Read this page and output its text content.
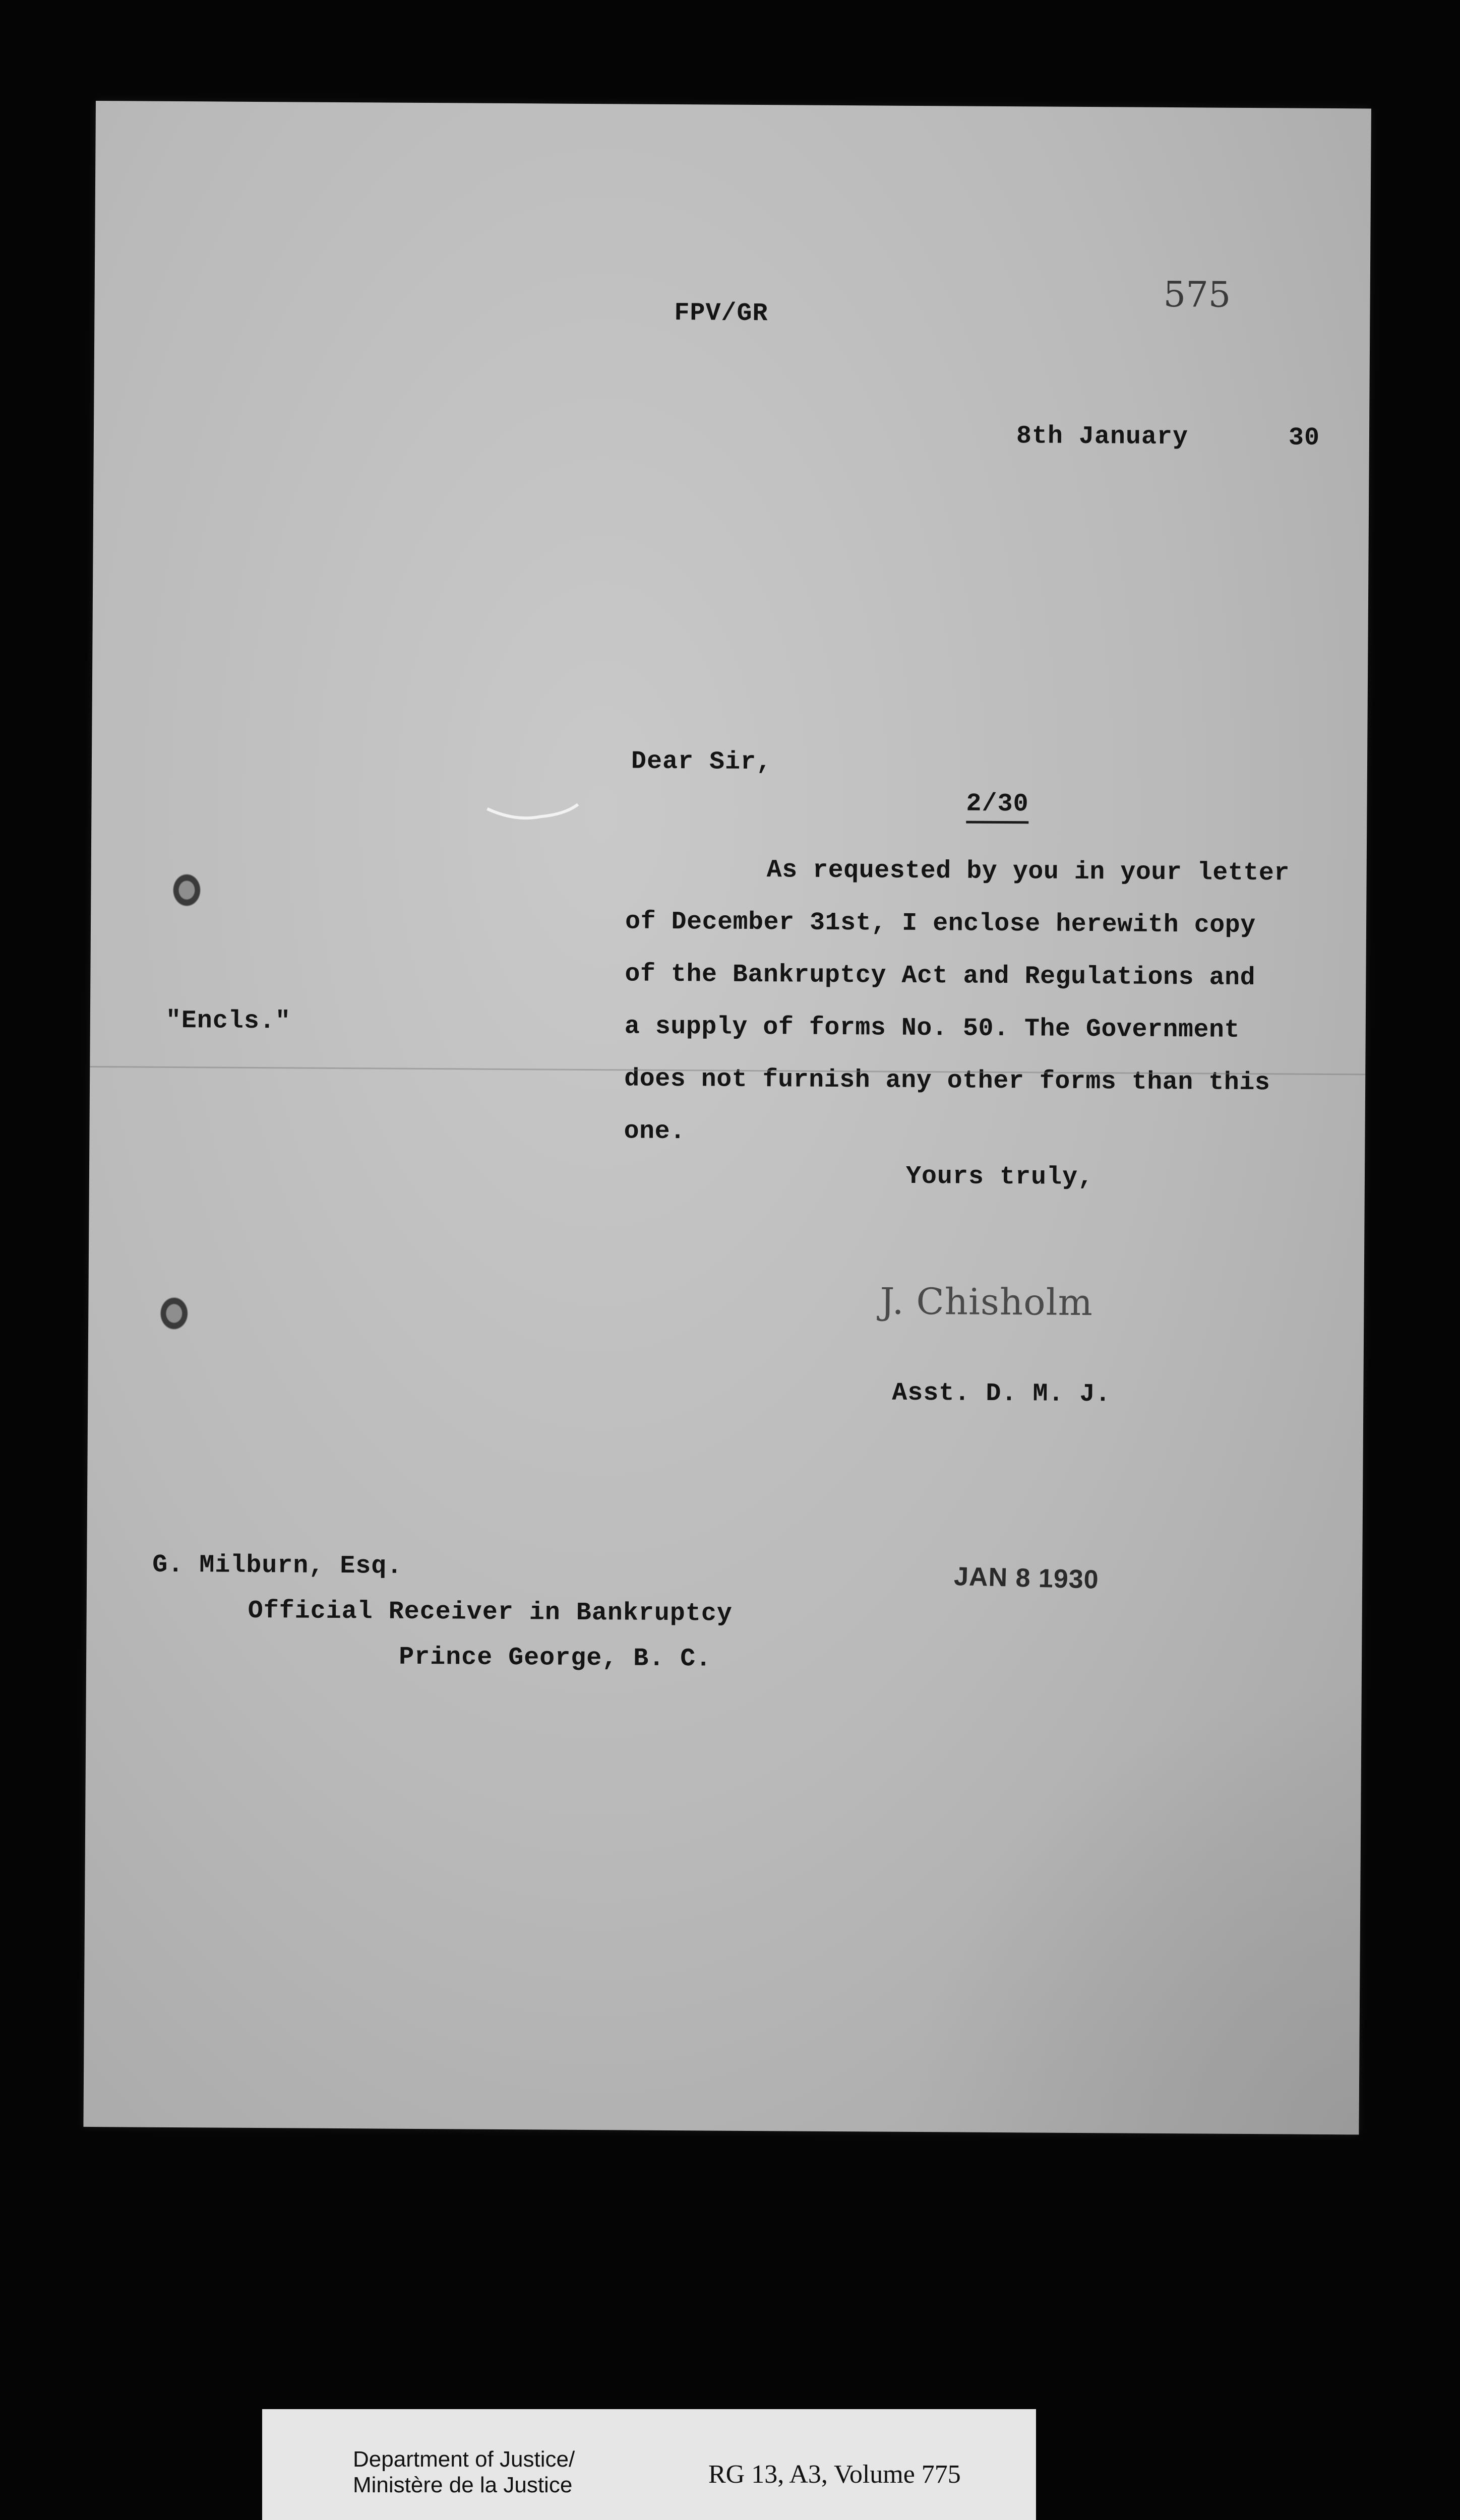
FPV/GR	575
8th January	30
Dear Sir,
2/30
As requested by you in your letter
of December 31st, I enclose herewith copy
of the Bankruptcy Act and Regulations and
a supply of forms No. 50. The Government
does not furnish any other forms than this
one.
"Encls."
Yours truly,
J. Chisholm
Asst. D. M. J.
G. Milburn, Esq.
Official Receiver in Bankruptcy
Prince George, B. C.
JAN 8 1930
Department of Justice/
Ministère de la Justice	RG 13, A3, Volume 775
